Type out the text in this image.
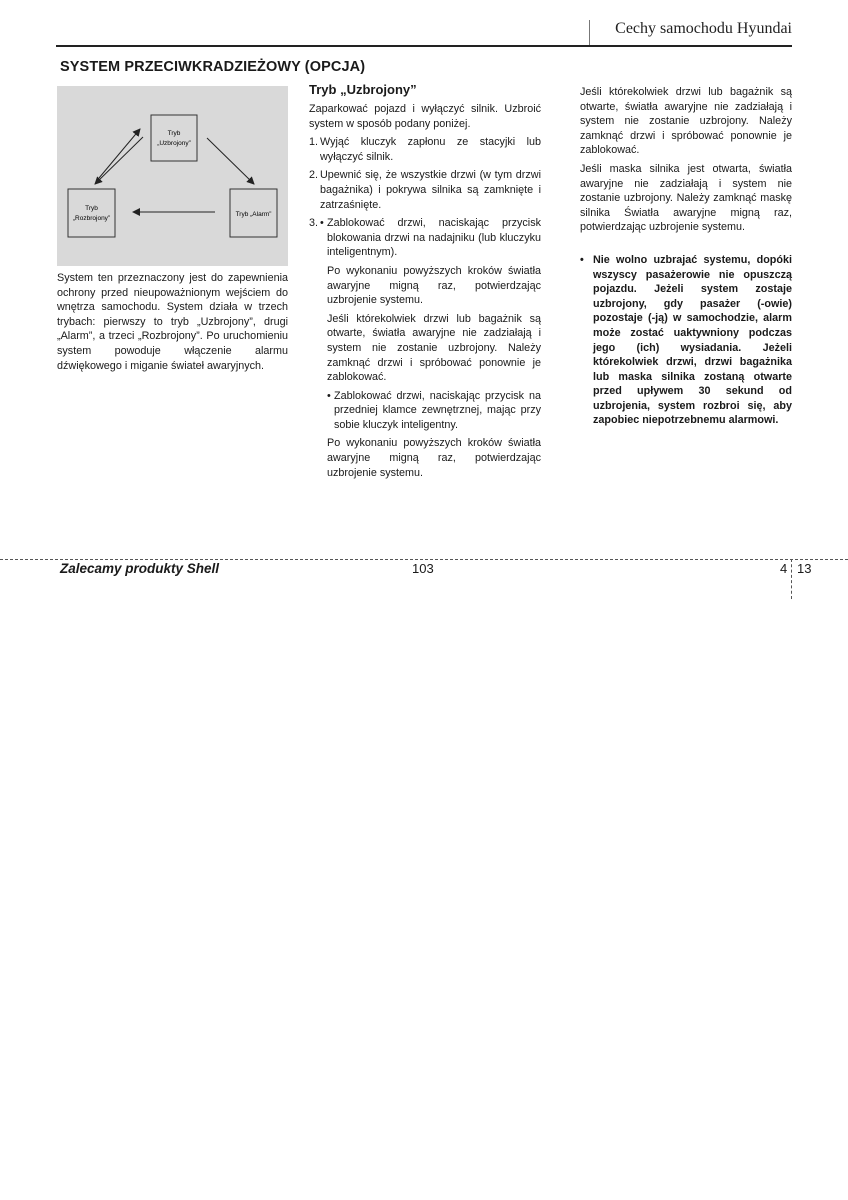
Cechy samochodu Hyundai
SYSTEM PRZECIWKRADZIEŻOWY (OPCJA)
Tryb
„Uzbrojony”
Tryb
„Rozbrojony”
Tryb „Alarm”

System ten przeznaczony jest do zapewnienia ochrony przed nieupoważnionym wejściem do wnętrza samochodu. System działa w trzech trybach: pierwszy to tryb „Uzbrojony”, drugi „Alarm”, a trzeci „Rozbrojony”. Po uruchomieniu system powoduje włączenie alarmu dźwiękowego i miganie świateł awaryjnych.

Tryb „Uzbrojony”

Zaparkować pojazd i wyłączyć silnik. Uzbroić system w sposób podany poniżej.

1. Wyjąć kluczyk zapłonu ze stacyjki lub wyłączyć silnik.
2. Upewnić się, że wszystkie drzwi (w tym drzwi bagażnika) i pokrywa silnika są zamknięte i zatrzaśnięte.
3. • Zablokować drzwi, naciskając przycisk blokowania drzwi na nadajniku (lub kluczyku inteligentnym).

Po wykonaniu powyższych kroków światła awaryjne migną raz, potwierdzając uzbrojenie systemu.

Jeśli którekolwiek drzwi lub bagażnik są otwarte, światła awaryjne nie zadziałają i system nie zostanie uzbrojony. Należy zamknąć drzwi i spróbować ponownie je zablokować.

• Zablokować drzwi, naciskając przycisk na przedniej klamce zewnętrznej, mając przy sobie kluczyk inteligentny.

Po wykonaniu powyższych kroków światła awaryjne migną raz, potwierdzając uzbrojenie systemu.

Jeśli którekolwiek drzwi lub bagażnik są otwarte, światła awaryjne nie zadziałają i system nie zostanie uzbrojony. Należy zamknąć drzwi i spróbować ponownie je zablokować.

Jeśli maska silnika jest otwarta, światła awaryjne nie zadziałają i system nie zostanie uzbrojony. Należy zamknąć maskę silnika Światła awaryjne migną raz, potwierdzając uzbrojenie systemu.

• Nie wolno uzbrajać systemu, dopóki wszyscy pasażerowie nie opuszczą pojazdu. Jeżeli system zostaje uzbrojony, gdy pasażer (-owie) pozostaje (-ją) w samochodzie, alarm może zostać uaktywniony podczas jego (ich) wysiadania. Jeżeli którekolwiek drzwi, drzwi bagażnika lub maska silnika zostaną otwarte przed upływem 30 sekund od uzbrojenia, system rozbroi się, aby zapobiec niepotrzebnemu alarmowi.
Zalecamy produkty Shell	103	4 13
